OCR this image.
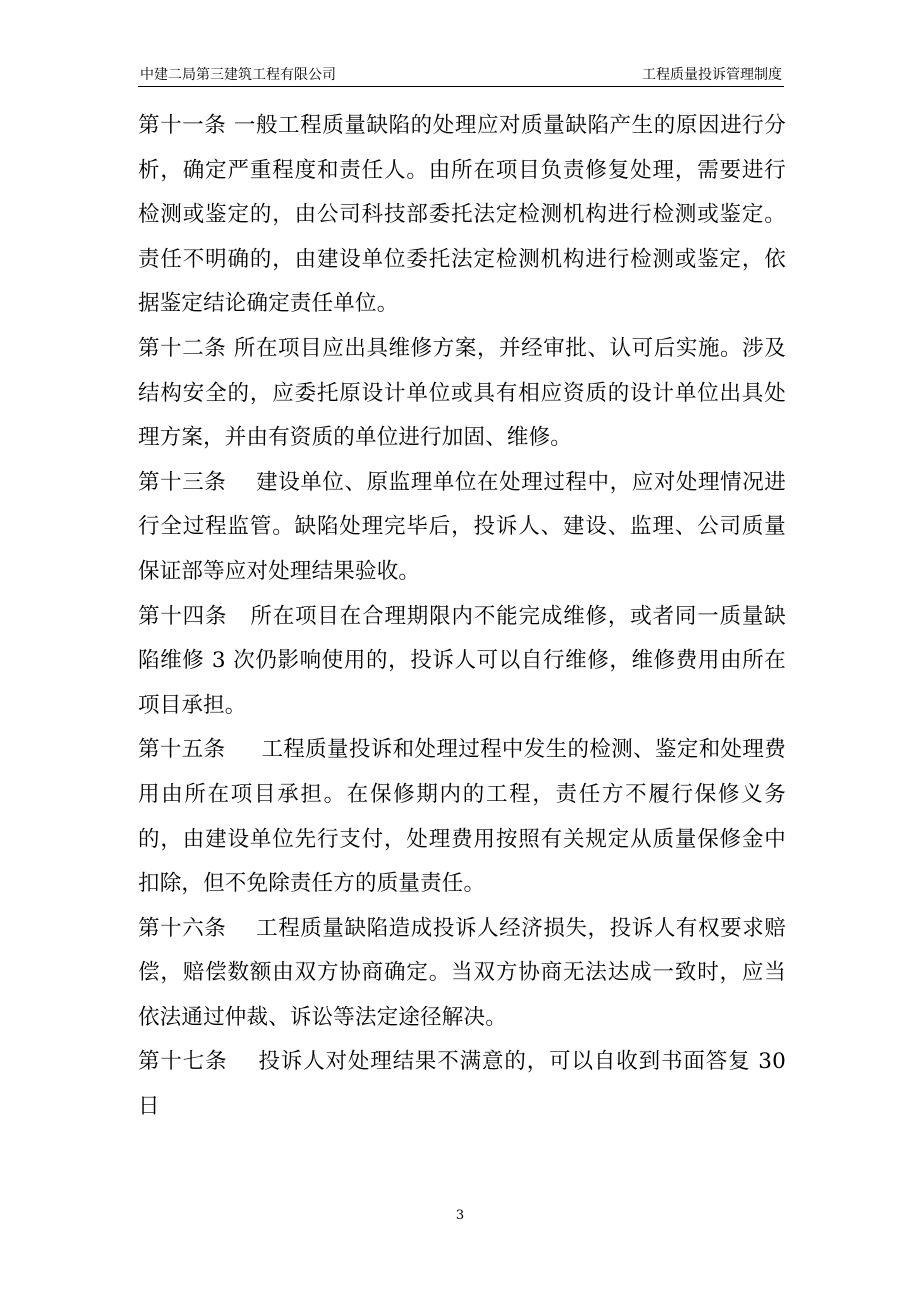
中建二局第三建筑工程有限公司	工程质量投诉管理制度

第十一条 一般工程质量缺陷的处理应对质量缺陷产生的原因进行分析，确定严重程度和责任人。由所在项目负责修复处理，需要进行检测或鉴定的，由公司科技部委托法定检测机构进行检测或鉴定。责任不明确的，由建设单位委托法定检测机构进行检测或鉴定，依据鉴定结论确定责任单位。

第十二条 所在项目应出具维修方案，并经审批、认可后实施。涉及结构安全的，应委托原设计单位或具有相应资质的设计单位出具处理方案，并由有资质的单位进行加固、维修。

第十三条 建设单位、原监理单位在处理过程中，应对处理情况进行全过程监管。缺陷处理完毕后，投诉人、建设、监理、公司质量保证部等应对处理结果验收。

第十四条 所在项目在合理期限内不能完成维修，或者同一质量缺陷维修 3 次仍影响使用的，投诉人可以自行维修，维修费用由所在项目承担。

第十五条 工程质量投诉和处理过程中发生的检测、鉴定和处理费用由所在项目承担。在保修期内的工程，责任方不履行保修义务的，由建设单位先行支付，处理费用按照有关规定从质量保修金中扣除，但不免除责任方的质量责任。

第十六条 工程质量缺陷造成投诉人经济损失，投诉人有权要求赔偿，赔偿数额由双方协商确定。当双方协商无法达成一致时，应当依法通过仲裁、诉讼等法定途径解决。

第十七条 投诉人对处理结果不满意的，可以自收到书面答复 30 日

3
